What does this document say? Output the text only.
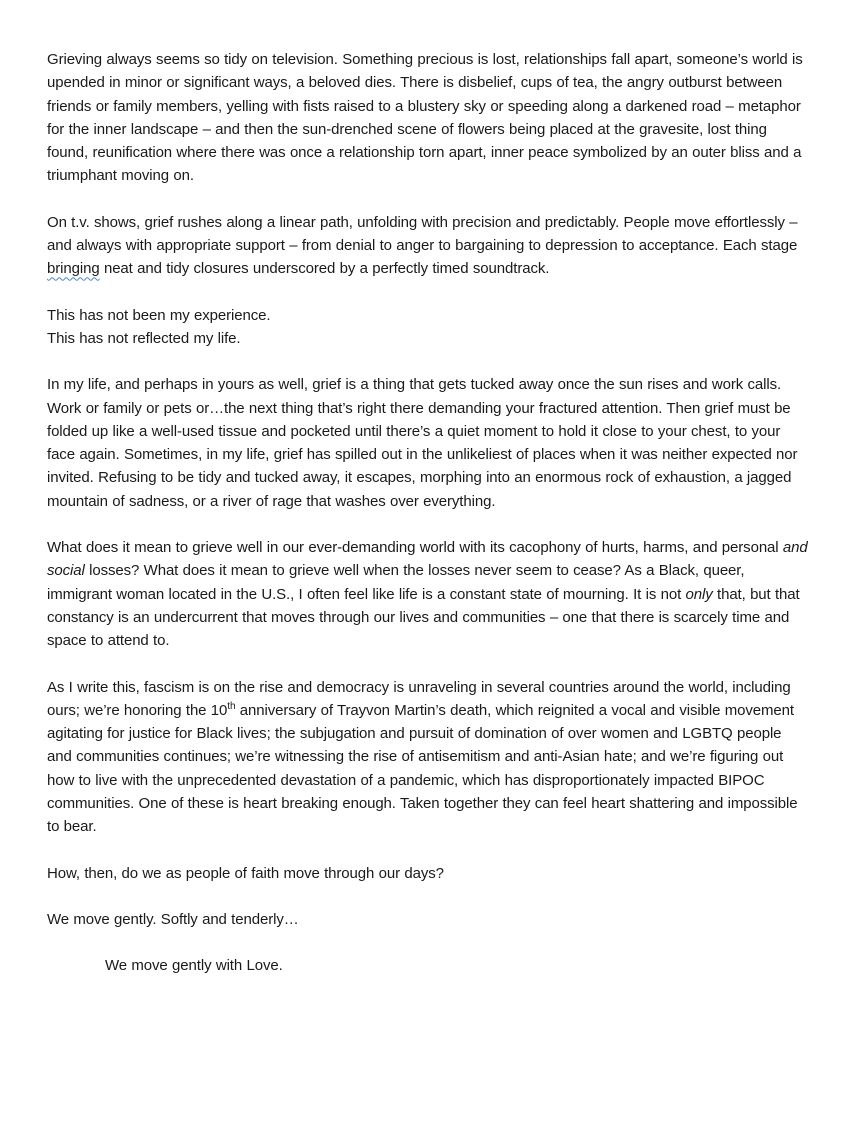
Grieving always seems so tidy on television. Something precious is lost, relationships fall apart, someone’s world is upended in minor or significant ways, a beloved dies. There is disbelief, cups of tea, the angry outburst between friends or family members, yelling with fists raised to a blustery sky or speeding along a darkened road – metaphor for the inner landscape – and then the sun-drenched scene of flowers being placed at the gravesite, lost thing found, reunification where there was once a relationship torn apart, inner peace symbolized by an outer bliss and a triumphant moving on.

On t.v. shows, grief rushes along a linear path, unfolding with precision and predictably. People move effortlessly – and always with appropriate support – from denial to anger to bargaining to depression to acceptance. Each stage bringing neat and tidy closures underscored by a perfectly timed soundtrack.

This has not been my experience.
This has not reflected my life.

In my life, and perhaps in yours as well, grief is a thing that gets tucked away once the sun rises and work calls. Work or family or pets or…the next thing that’s right there demanding your fractured attention. Then grief must be folded up like a well-used tissue and pocketed until there’s a quiet moment to hold it close to your chest, to your face again. Sometimes, in my life, grief has spilled out in the unlikeliest of places when it was neither expected nor invited. Refusing to be tidy and tucked away, it escapes, morphing into an enormous rock of exhaustion, a jagged mountain of sadness, or a river of rage that washes over everything.

What does it mean to grieve well in our ever-demanding world with its cacophony of hurts, harms, and personal and social losses? What does it mean to grieve well when the losses never seem to cease? As a Black, queer, immigrant woman located in the U.S., I often feel like life is a constant state of mourning. It is not only that, but that constancy is an undercurrent that moves through our lives and communities – one that there is scarcely time and space to attend to.

As I write this, fascism is on the rise and democracy is unraveling in several countries around the world, including ours; we’re honoring the 10th anniversary of Trayvon Martin’s death, which reignited a vocal and visible movement agitating for justice for Black lives; the subjugation and pursuit of domination of over women and LGBTQ people and communities continues; we’re witnessing the rise of antisemitism and anti-Asian hate; and we’re figuring out how to live with the unprecedented devastation of a pandemic, which has disproportionately impacted BIPOC communities. One of these is heart breaking enough. Taken together they can feel heart shattering and impossible to bear.

How, then, do we as people of faith move through our days?

We move gently. Softly and tenderly…

We move gently with Love.
